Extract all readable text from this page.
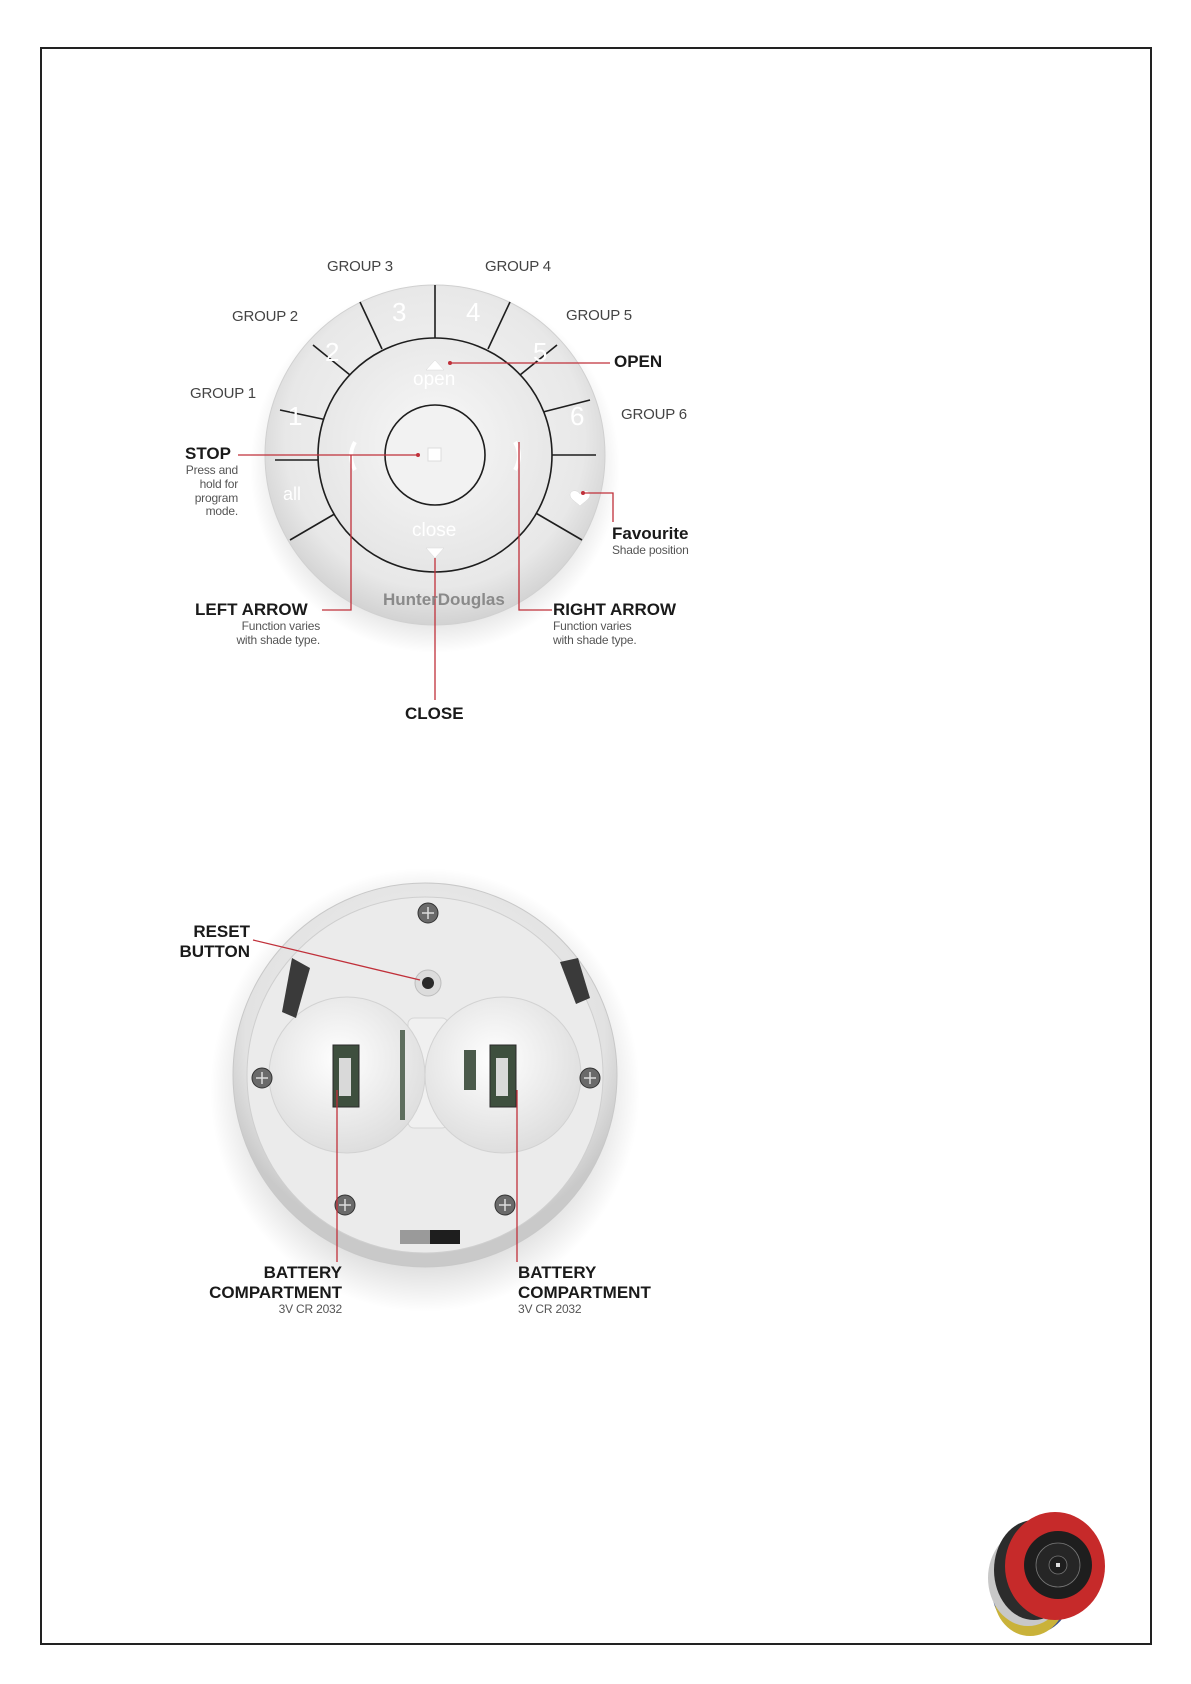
3 4
2	5
1	6
all
open
close
HunterDouglas
GROUP 3	GROUP 4
GROUP 2	GROUP 5
GROUP 1
GROUP 6
OPEN
STOP
Press and
hold for
program
mode.
Favourite
Shade position
LEFT ARROW
Function varies
with shade type.
RIGHT ARROW
Function varies
with shade type.
CLOSE
RESET
BUTTON
BATTERY
COMPARTMENT
3V CR 2032
BATTERY
COMPARTMENT
3V CR 2032
